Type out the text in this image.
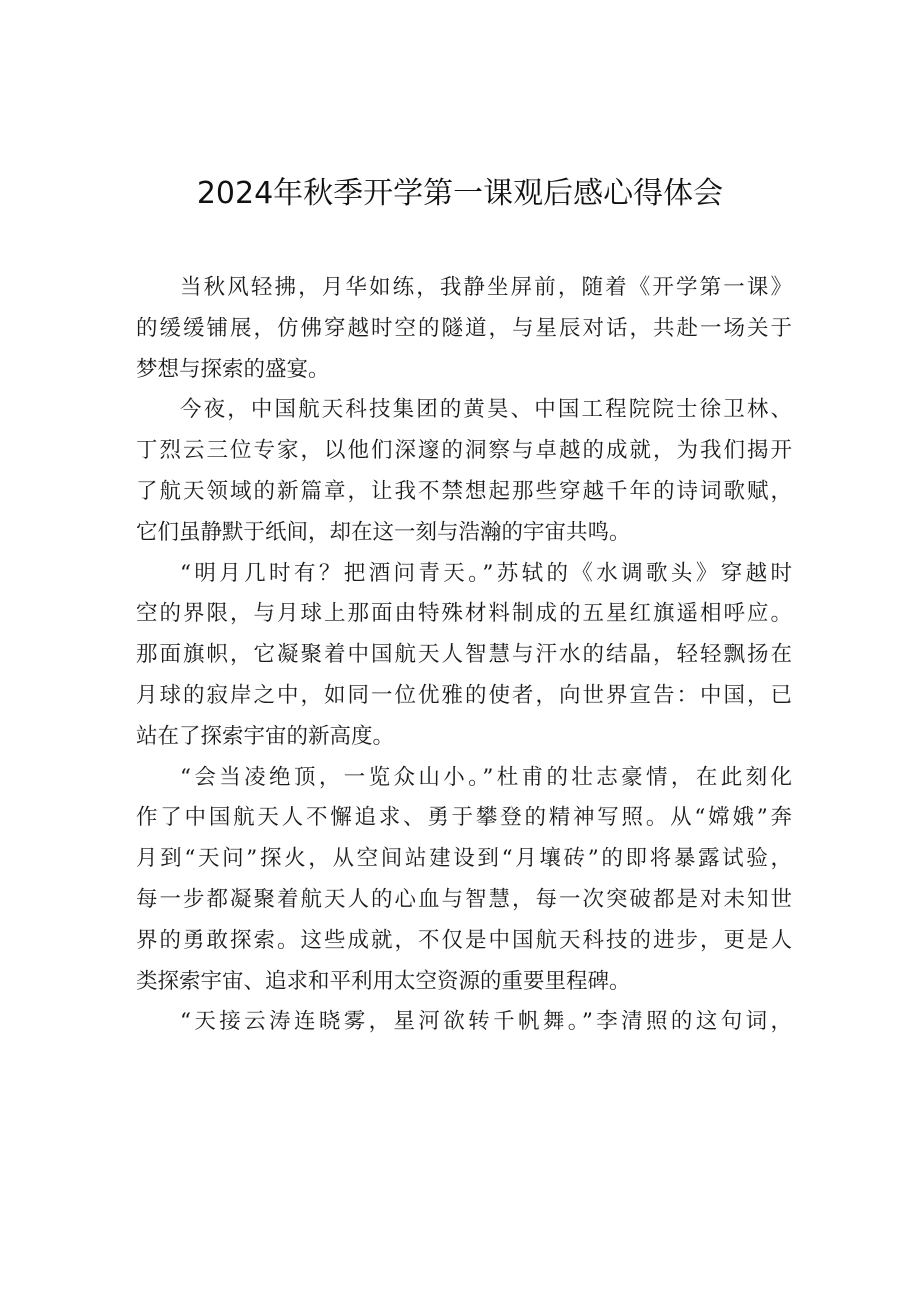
2024年秋季开学第一课观后感心得体会
当秋风轻拂，月华如练，我静坐屏前，随着《开学第一课》
的缓缓铺展，仿佛穿越时空的隧道，与星辰对话，共赴一场关于
梦想与探索的盛宴。
今夜，中国航天科技集团的黄昊、中国工程院院士徐卫林、
丁烈云三位专家，以他们深邃的洞察与卓越的成就，为我们揭开
了航天领域的新篇章，让我不禁想起那些穿越千年的诗词歌赋，
它们虽静默于纸间，却在这一刻与浩瀚的宇宙共鸣。
“明月几时有？把酒问青天。”苏轼的《水调歌头》穿越时
空的界限，与月球上那面由特殊材料制成的五星红旗遥相呼应。
那面旗帜，它凝聚着中国航天人智慧与汗水的结晶，轻轻飘扬在
月球的寂岸之中，如同一位优雅的使者，向世界宣告：中国，已
站在了探索宇宙的新高度。
“会当凌绝顶，一览众山小。”杜甫的壮志豪情，在此刻化
作了中国航天人不懈追求、勇于攀登的精神写照。从“嫦娥”奔
月到“天问”探火，从空间站建设到“月壤砖”的即将暴露试验，
每一步都凝聚着航天人的心血与智慧，每一次突破都是对未知世
界的勇敢探索。这些成就，不仅是中国航天科技的进步，更是人
类探索宇宙、追求和平利用太空资源的重要里程碑。
“天接云涛连晓雾，星河欲转千帆舞。”李清照的这句词，
